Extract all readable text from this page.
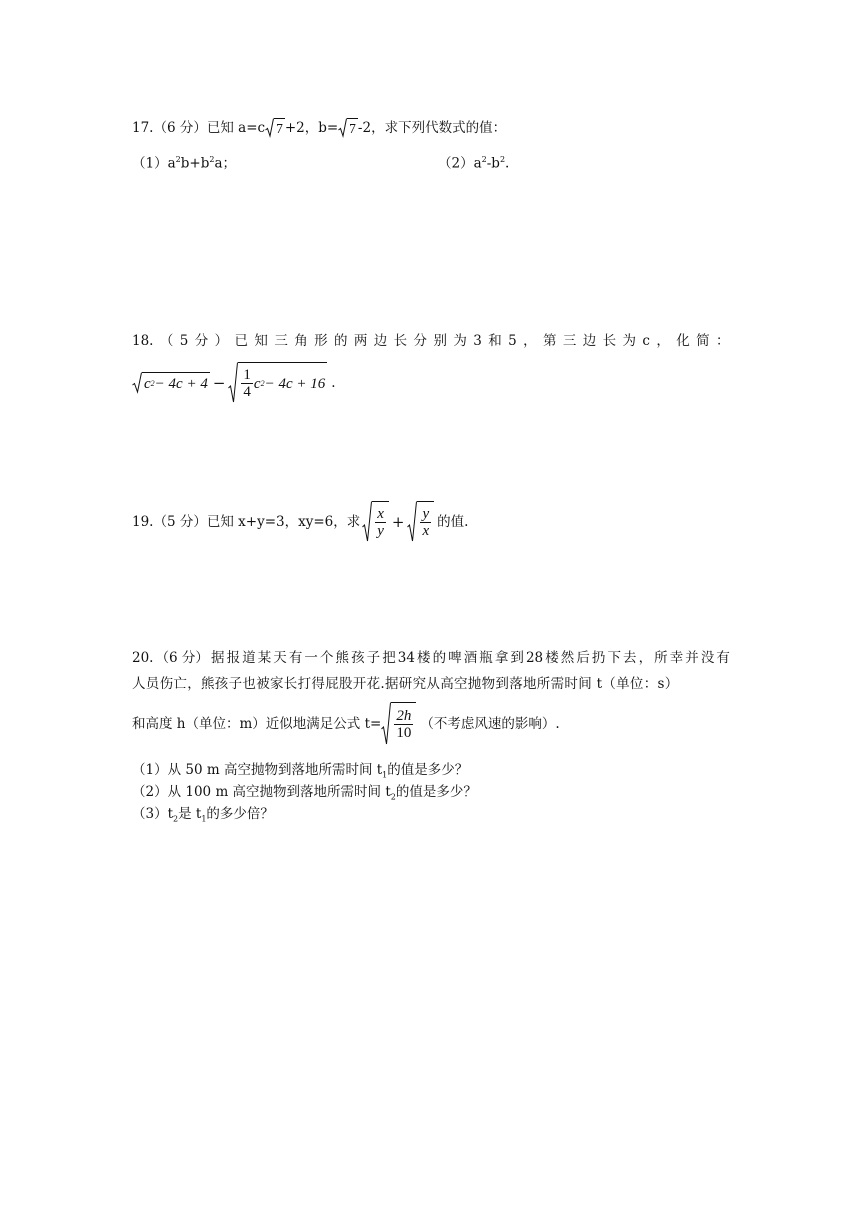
17.（6 分）已知 a=c 7 +2，b= 7 -2，求下列代数式的值：
$(1)a^2b+b^2a$；	$(2)a^2-b^2$.
18. （ 5 分 ） 已 知 三 角 形 的 两 边 长 分 别 为 3 和 5 ， 第 三 边 长 为 c ， 化 简 ：
c $2 - 4c + 4 - \frac{1}{4}$ c 2 − 4c + 16 .
19.（5 分）已知 x+y=3，xy=6，求 $\frac{x}{y} + \frac{y}{x}$ 的值.
20. （6 分） 据 报 道 某 天 有 一 个 熊 孩 子 把 34 楼 的 啤 酒 瓶 拿 到 28 楼 然 后 扔 下 去 ， 所 幸 并 没 有
人员伤亡，熊孩子也被家长打得屁股开花.据研究从高空抛物到落地所需时间 t（单位：s）
和高度 h（单位：m）近似地满足公式 $t= \frac{2h}{10}$ （不考虑风速的影响）.
（1）从 50 m 高空抛物到落地所需时间 $t_1$的值是多少？
（2）从 100 m 高空抛物到落地所需时间 $t_2$的值是多少？
$(3)t_2$是 $t_1$的多少倍？
